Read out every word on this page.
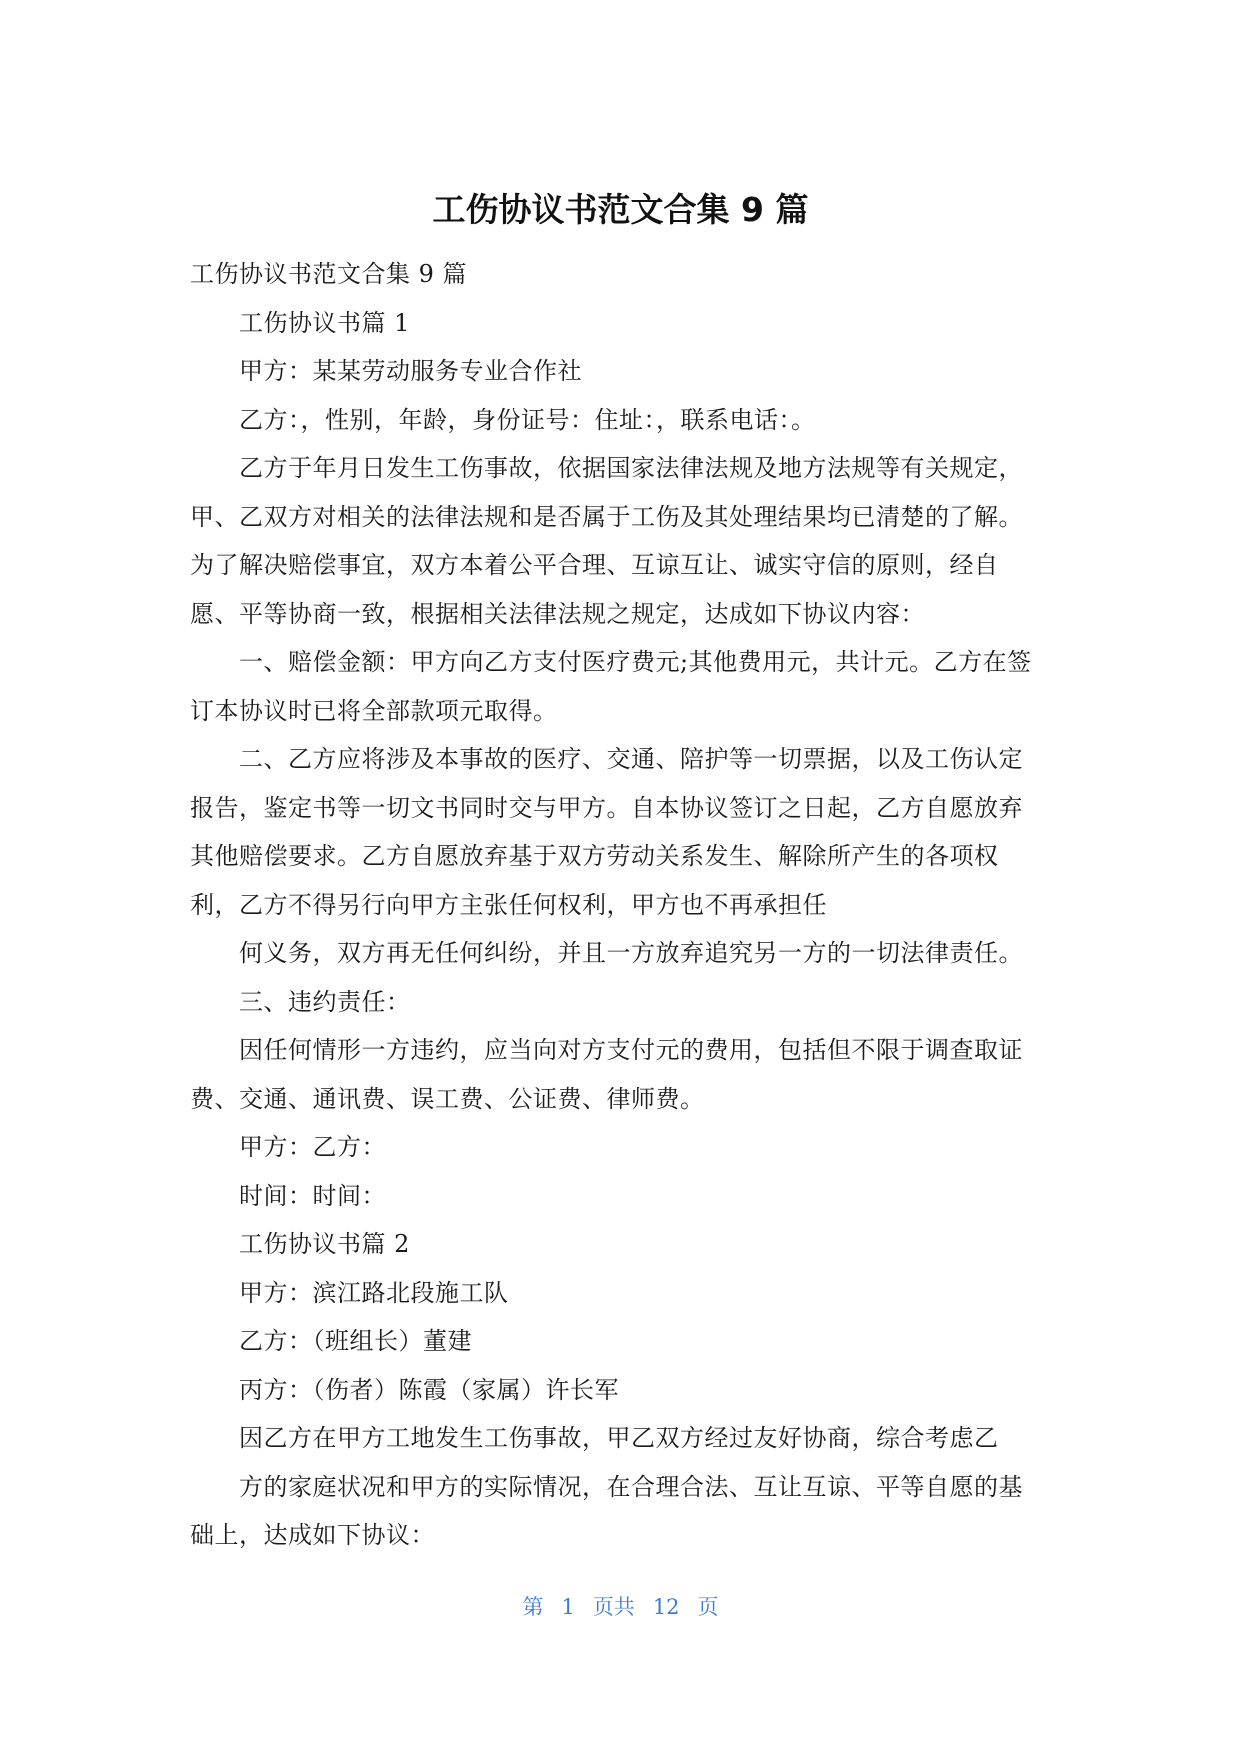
工伤协议书范文合集 9 篇

工伤协议书范文合集 9 篇

工伤协议书篇 1

甲方：某某劳动服务专业合作社

乙方：，性别，年龄，身份证号：住址：，联系电话：。

乙方于年月日发生工伤事故，依据国家法律法规及地方法规等有关规定，
甲、乙双方对相关的法律法规和是否属于工伤及其处理结果均已清楚的了解。
为了解决赔偿事宜，双方本着公平合理、互谅互让、诚实守信的原则，经自
愿、平等协商一致，根据相关法律法规之规定，达成如下协议内容：

一、赔偿金额：甲方向乙方支付医疗费元;其他费用元，共计元。乙方在签
订本协议时已将全部款项元取得。

二、乙方应将涉及本事故的医疗、交通、陪护等一切票据，以及工伤认定
报告，鉴定书等一切文书同时交与甲方。自本协议签订之日起，乙方自愿放弃
其他赔偿要求。乙方自愿放弃基于双方劳动关系发生、解除所产生的各项权
利，乙方不得另行向甲方主张任何权利，甲方也不再承担任

何义务，双方再无任何纠纷，并且一方放弃追究另一方的一切法律责任。

三、违约责任：

因任何情形一方违约，应当向对方支付元的费用，包括但不限于调查取证
费、交通、通讯费、误工费、公证费、律师费。

甲方：乙方：

时间：时间：

工伤协议书篇 2

甲方：滨江路北段施工队

乙方：（班组长）董建

丙方：（伤者）陈霞（家属）许长军

因乙方在甲方工地发生工伤事故，甲乙双方经过友好协商，综合考虑乙

方的家庭状况和甲方的实际情况，在合理合法、互让互谅、平等自愿的基
础上，达成如下协议：

第 1 页共 12 页
